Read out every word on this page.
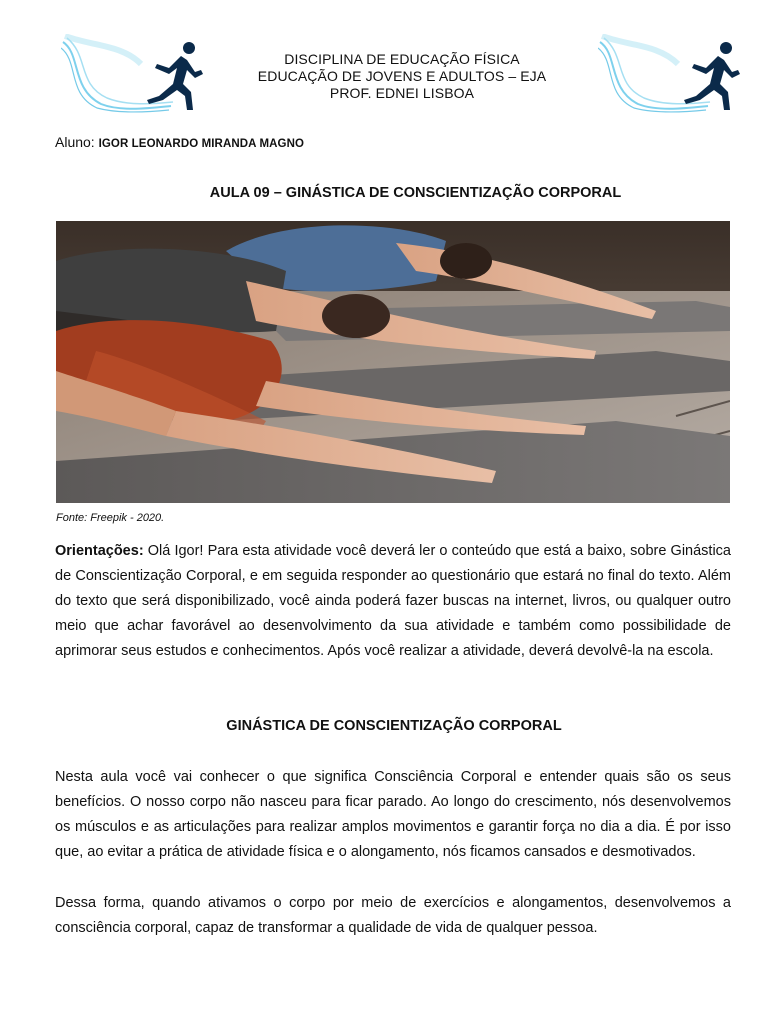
DISCIPLINA DE EDUCAÇÃO FÍSICA
EDUCAÇÃO DE JOVENS E ADULTOS – EJA
PROF. EDNEI LISBOA
Aluno: IGOR LEONARDO MIRANDA MAGNO
AULA 09 – GINÁSTICA DE CONSCIENTIZAÇÃO CORPORAL
Fonte: Freepik - 2020.
Orientações: Olá Igor! Para esta atividade você deverá ler o conteúdo que está a baixo, sobre Ginástica de Conscientização Corporal, e em seguida responder ao questionário que estará no final do texto. Além do texto que será disponibilizado, você ainda poderá fazer buscas na internet, livros, ou qualquer outro meio que achar favorável ao desenvolvimento da sua atividade e também como possibilidade de aprimorar seus estudos e conhecimentos. Após você realizar a atividade, deverá devolvê-la na escola.
GINÁSTICA DE CONSCIENTIZAÇÃO CORPORAL
Nesta aula você vai conhecer o que significa Consciência Corporal e entender quais são os seus benefícios. O nosso corpo não nasceu para ficar parado. Ao longo do crescimento, nós desenvolvemos os músculos e as articulações para realizar amplos movimentos e garantir força no dia a dia. É por isso que, ao evitar a prática de atividade física e o alongamento, nós ficamos cansados e desmotivados.
Dessa forma, quando ativamos o corpo por meio de exercícios e alongamentos, desenvolvemos a consciência corporal, capaz de transformar a qualidade de vida de qualquer pessoa.
